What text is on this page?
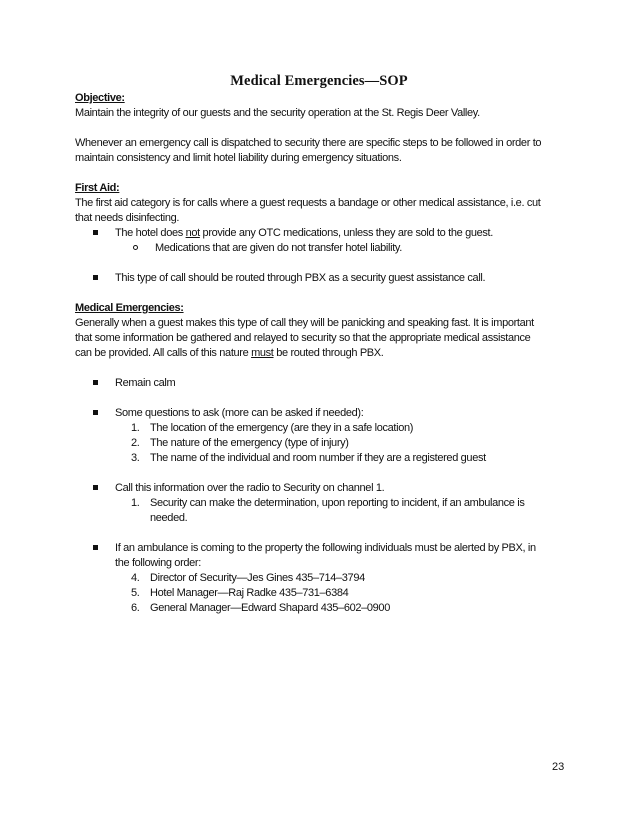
Medical Emergencies—SOP
Objective:

Maintain the integrity of our guests and the security operation at the St. Regis Deer Valley.

Whenever an emergency call is dispatched to security there are specific steps to be followed in order to

maintain consistency and limit hotel liability during emergency situations.

First Aid:

The first aid category is for calls where a guest requests a bandage or other medical assistance, i.e. cut

that needs disinfecting.

The hotel does not provide any OTC medications, unless they are sold to the guest.
Medications that are given do not transfer hotel liability.
This type of call should be routed through PBX as a security guest assistance call.
Medical Emergencies:

Generally when a guest makes this type of call they will be panicking and speaking fast. It is important

that some information be gathered and relayed to security so that the appropriate medical assistance

can be provided. All calls of this nature must be routed through PBX.

Remain calm
Some questions to ask (more can be asked if needed):
1. The location of the emergency (are they in a safe location)
2. The nature of the emergency (type of injury)
3. The name of the individual and room number if they are a registered guest
Call this information over the radio to Security on channel 1.
1. Security can make the determination, upon reporting to incident, if an ambulance is
needed.
If an ambulance is coming to the property the following individuals must be alerted by PBX, in
the following order:
4. Director of Security—Jes Gines 435–714–3794
5. Hotel Manager—Raj Radke 435–731–6384
6. General Manager—Edward Shapard 435–602–0900
23
